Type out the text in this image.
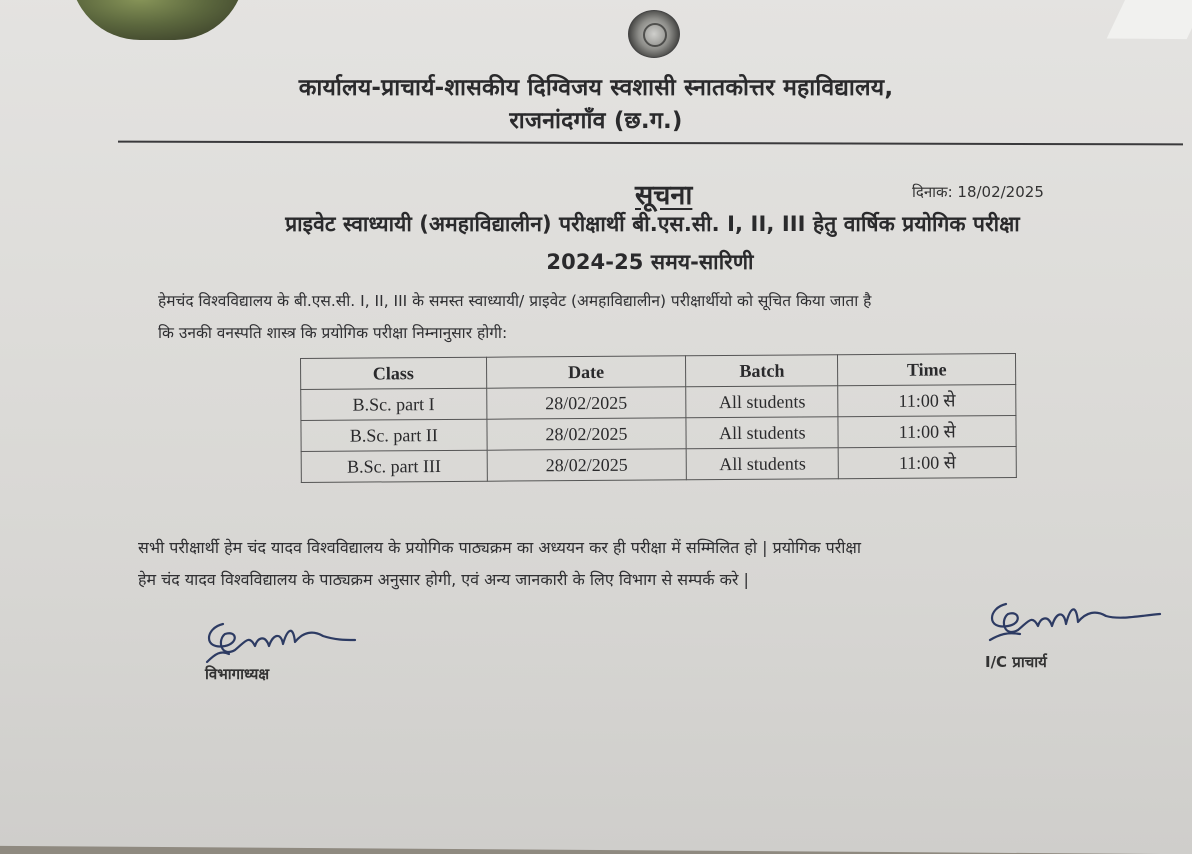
कार्यालय-प्राचार्य-शासकीय दिग्विजय स्वशासी स्नातकोत्तर महाविद्यालय,
राजनांदगाँव (छ.ग.)
सूचना	दिनाक: 18/02/2025
प्राइवेट स्वाध्यायी (अमहाविद्यालीन) परीक्षार्थी बी.एस.सी. I, II, III हेतु वार्षिक प्रयोगिक परीक्षा
2024-25 समय-सारिणी
हेमचंद विश्वविद्यालय के बी.एस.सी. I, II, III के समस्त स्वाध्यायी/ प्राइवेट (अमहाविद्यालीन) परीक्षार्थीयो को सूचित किया जाता है
कि उनकी वनस्पति शास्त्र कि प्रयोगिक परीक्षा निम्नानुसार होगी:
Class	Date	Batch	Time
B.Sc. part I	28/02/2025	All students	11:00 से
B.Sc. part II	28/02/2025	All students	11:00 से
B.Sc. part III	28/02/2025	All students	11:00 से
सभी परीक्षार्थी हेम चंद यादव विश्वविद्यालय के प्रयोगिक पाठ्यक्रम का अध्ययन कर ही परीक्षा में सम्मिलित हो | प्रयोगिक परीक्षा
हेम चंद यादव विश्वविद्यालय के पाठ्यक्रम अनुसार होगी, एवं अन्य जानकारी के लिए विभाग से सम्पर्क करे |
विभागाध्यक्ष
I/C प्राचार्य
